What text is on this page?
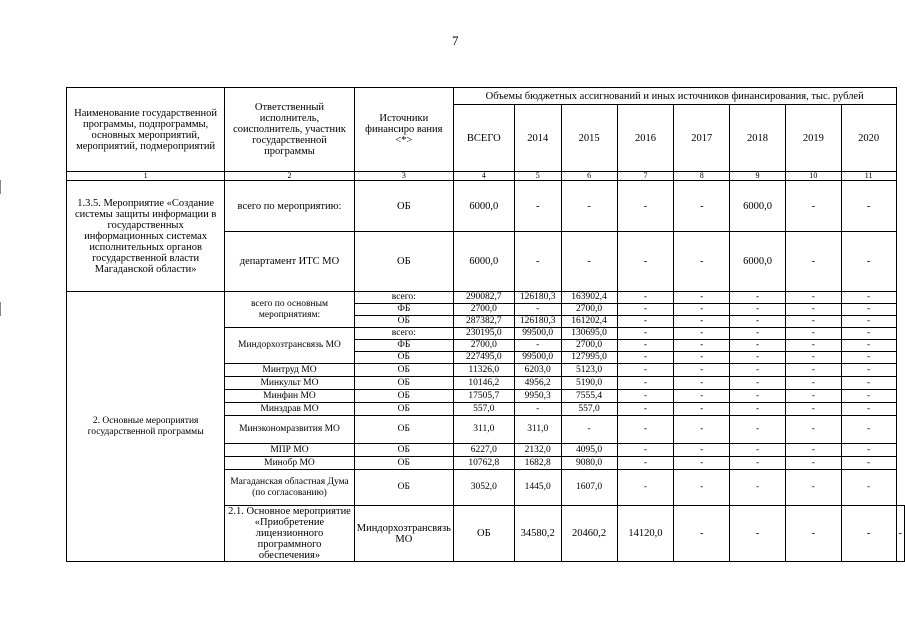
7
Наименование государственной программы, подпрограммы, основных мероприятий, мероприятий, подмероприятий	Ответственный исполнитель, соисполнитель, участник государственной программы	Источники финансиро вания <*>	Объемы бюджетных ассигнований и иных источников финансирования, тыс. рублей								
			ВСЕГО	2014	2015	2016	2017	2018	2019	2020	
1	2	3	4	5	6	7	8	9	10	11	
1.3.5. Мероприятие «Создание системы защиты информации в государственных информационных системах исполнительных органов государственной власти Магаданской области»	всего по мероприятию:	ОБ	6000,0	-	-	-	-	6000,0	-	-	
	департамент ИТС МО	ОБ	6000,0	-	-	-	-	6000,0	-	-	
2. Основные мероприятия государственной программы	всего по основным мероприятиям:	всего:	290082,7	126180,3	163902,4	-	-	-	-	-	
		ФБ	2700,0	-	2700,0	-	-	-	-	-	
		ОБ	287382,7	126180,3	161202,4	-	-	-	-	-	
	Миндорхозтрансвязь МО	всего:	230195,0	99500,0	130695,0	-	-	-	-	-	
		ФБ	2700,0	-	2700,0	-	-	-	-	-	
		ОБ	227495,0	99500,0	127995,0	-	-	-	-	-	
	Минтруд МО	ОБ	11326,0	6203,0	5123,0	-	-	-	-	-	
	Минкульт МО	ОБ	10146,2	4956,2	5190,0	-	-	-	-	-	
	Минфин МО	ОБ	17505,7	9950,3	7555,4	-	-	-	-	-	
	Минздрав МО	ОБ	557,0	-	557,0	-	-	-	-	-	
	Минэкономразвития МО	ОБ	311,0	311,0	-	-	-	-	-	-	
	МПР МО	ОБ	6227,0	2132,0	4095,0	-	-	-	-	-	
	Минобр МО	ОБ	10762,8	1682,8	9080,0	-	-	-	-	-	
	Магаданская областная Дума (по согласованию)	ОБ	3052,0	1445,0	1607,0	-	-	-	-	-	
	2.1. Основное мероприятие «Приобретение лицензионного программного обеспечения»	Миндорхозтрансвязь МО	ОБ	34580,2	20460,2	14120,0	-	-	-	-	-
